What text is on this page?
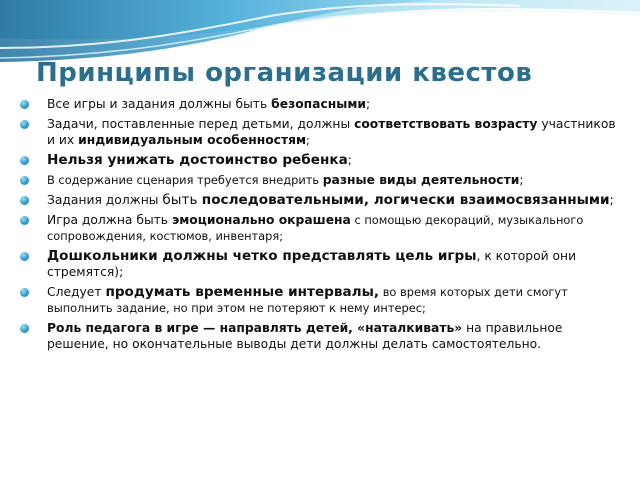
Принципы организации квестов
Все игры и задания должны быть безопасными;
Задачи, поставленные перед детьми, должны соответствовать возрасту участников и их индивидуальным особенностям;
Нельзя унижать достоинство ребенка;
В содержание сценария требуется внедрить разные виды деятельности;
Задания должны быть последовательными, логически взаимосвязанными;
Игра должна быть эмоционально окрашена с помощью декораций, музыкального сопровождения, костюмов, инвентаря;
Дошкольники должны четко представлять цель игры, к которой они стремятся);
Следует продумать временные интервалы, во время которых дети смогут выполнить задание, но при этом не потеряют к нему интерес;
Роль педагога в игре — направлять детей, «наталкивать» на правильное решение, но окончательные выводы дети должны делать самостоятельно.
